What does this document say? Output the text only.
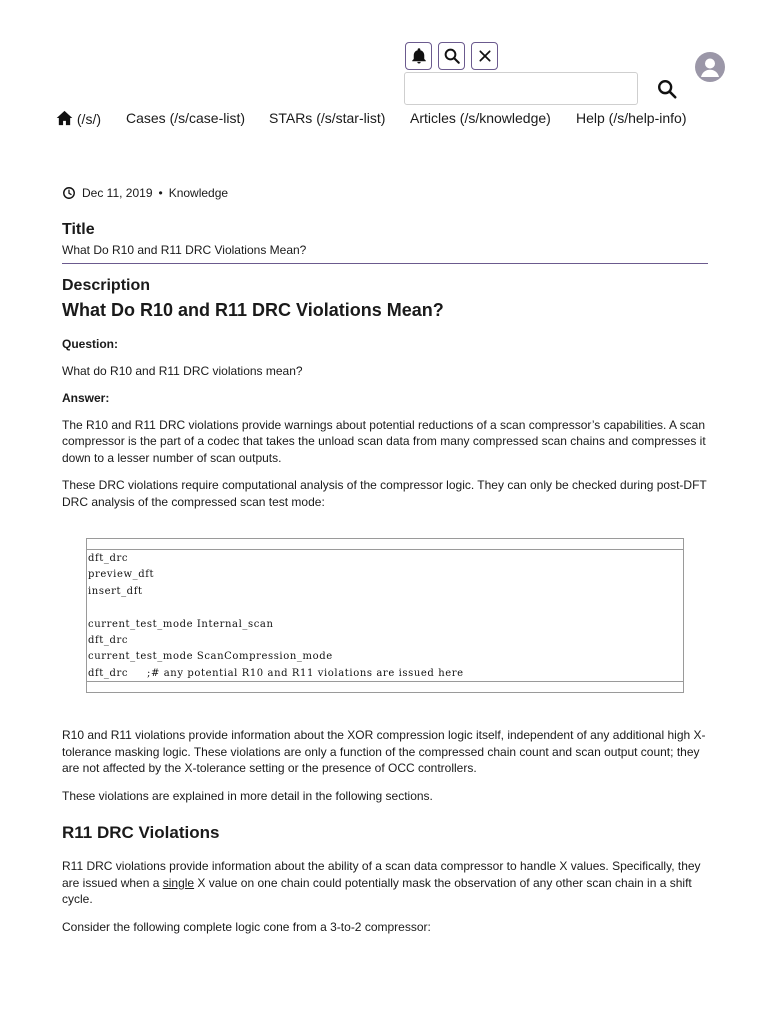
(/s/) Cases (/s/case-list) STARs (/s/star-list) Articles (/s/knowledge) Help (/s/help-info)
Dec 11, 2019 • Knowledge
Title
What Do R10 and R11 DRC Violations Mean?
Description
What Do R10 and R11 DRC Violations Mean?

Question:

What do R10 and R11 DRC violations mean?

Answer:

The R10 and R11 DRC violations provide warnings about potential reductions of a scan compressor’s capabilities. A scan compressor is the part of a codec that takes the unload scan data from many compressed scan chains and compresses it down to a lesser number of scan outputs.

These DRC violations require computational analysis of the compressor logic. They can only be checked during post-DFT DRC analysis of the compressed scan test mode:

dft_drc
preview_dft
insert_dft

current_test_mode Internal_scan
dft_drc
current_test_mode ScanCompression_mode
dft_drc     ;# any potential R10 and R11 violations are issued here

R10 and R11 violations provide information about the XOR compression logic itself, independent of any additional high X-tolerance masking logic. These violations are only a function of the compressed chain count and scan output count; they are not affected by the X-tolerance setting or the presence of OCC controllers.

These violations are explained in more detail in the following sections.

R11 DRC Violations

R11 DRC violations provide information about the ability of a scan data compressor to handle X values. Specifically, they are issued when a single X value on one chain could potentially mask the observation of any other scan chain in a shift cycle.

Consider the following complete logic cone from a 3-to-2 compressor:
